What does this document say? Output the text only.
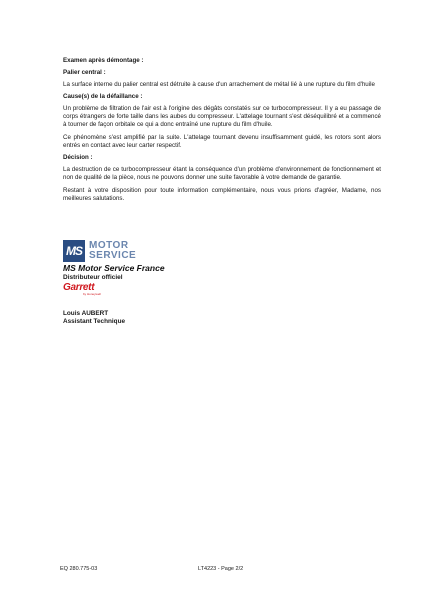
Examen après démontage :

Palier central :

La surface interne du palier central est détruite à cause d'un arrachement de métal lié à une rupture du film d'huile

Cause(s) de la défaillance :

Un problème de filtration de l'air est à l'origine des dégâts constatés sur ce turbocompresseur. Il y a eu passage de corps étrangers de forte taille dans les aubes du compresseur. L'attelage tournant s'est déséquilibré et a commencé à tourner de façon orbitale ce qui a donc entraîné une rupture du film d'huile.

Ce phénomène s'est amplifié par la suite. L'attelage tournant devenu insuffisamment guidé, les rotors sont alors entrés en contact avec leur carter respectif.

Décision :

La destruction de ce turbocompresseur étant la conséquence d'un problème d'environnement de fonctionnement et non de qualité de la pièce, nous ne pouvons donner une suite favorable à votre demande de garantie.

Restant à votre disposition pour toute information complémentaire, nous vous prions d'agréer, Madame, nos meilleures salutations.

MS MOTOR
SERVICE
MS Motor Service France
Distributeur officiel
Garrett
by Honeywell
Louis AUBERT
Assistant Technique
EQ 280.775-03	LT4223 - Page 2/2
